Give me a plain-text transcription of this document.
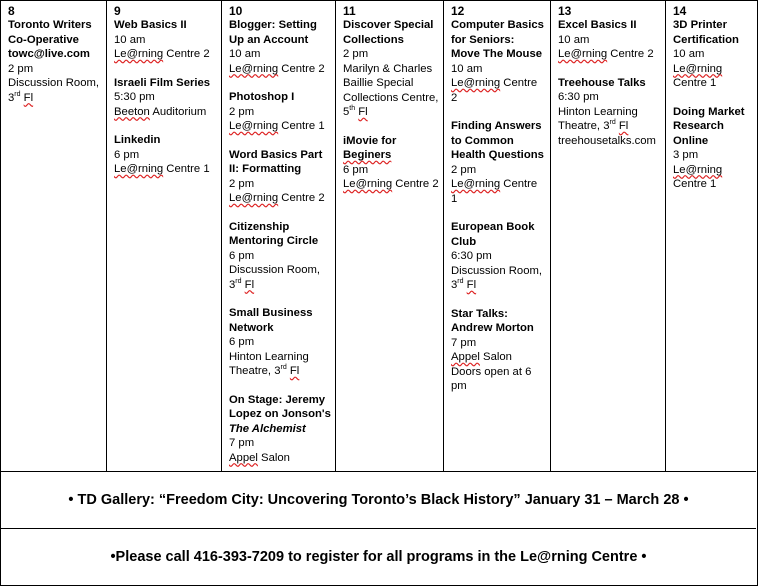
8
Toronto Writers Co-Operative
towc@live.com
2 pm
Discussion Room, 3rd Fl
9
Web Basics II
10 am
Le@rning Centre 2
Israeli Film Series
5:30 pm
Beeton Auditorium
Linkedin
6 pm
Le@rning Centre 1
10
Blogger: Setting Up an Account
10 am
Le@rning Centre 2
Photoshop I
2 pm
Le@rning Centre 1
Word Basics Part II: Formatting
2 pm
Le@rning Centre 2
Citizenship Mentoring Circle
6 pm
Discussion Room, 3rd Fl
Small Business Network
6 pm
Hinton Learning Theatre, 3rd Fl
On Stage: Jeremy Lopez on Jonson's The Alchemist
7 pm
Appel Salon
11
Discover Special Collections
2 pm
Marilyn & Charles Baillie Special Collections Centre, 5th Fl
iMovie for Beginers
6 pm
Le@rning Centre 2
12
Computer Basics for Seniors: Move The Mouse
10 am
Le@rning Centre 2
Finding Answers to Common Health Questions
2 pm
Le@rning Centre 1
European Book Club
6:30 pm
Discussion Room, 3rd Fl
Star Talks: Andrew Morton
7 pm
Appel Salon
Doors open at 6 pm
13
Excel Basics II
10 am
Le@rning Centre 2
Treehouse Talks
6:30 pm
Hinton Learning Theatre, 3rd Fl
treehousetalks.com
14
3D Printer Certification
10 am
Le@rning Centre 1
Doing Market Research Online
3 pm
Le@rning Centre 1
• TD Gallery: “Freedom City: Uncovering Toronto’s Black History” January 31 – March 28 •
•Please call 416-393-7209 to register for all programs in the Le@rning Centre •
